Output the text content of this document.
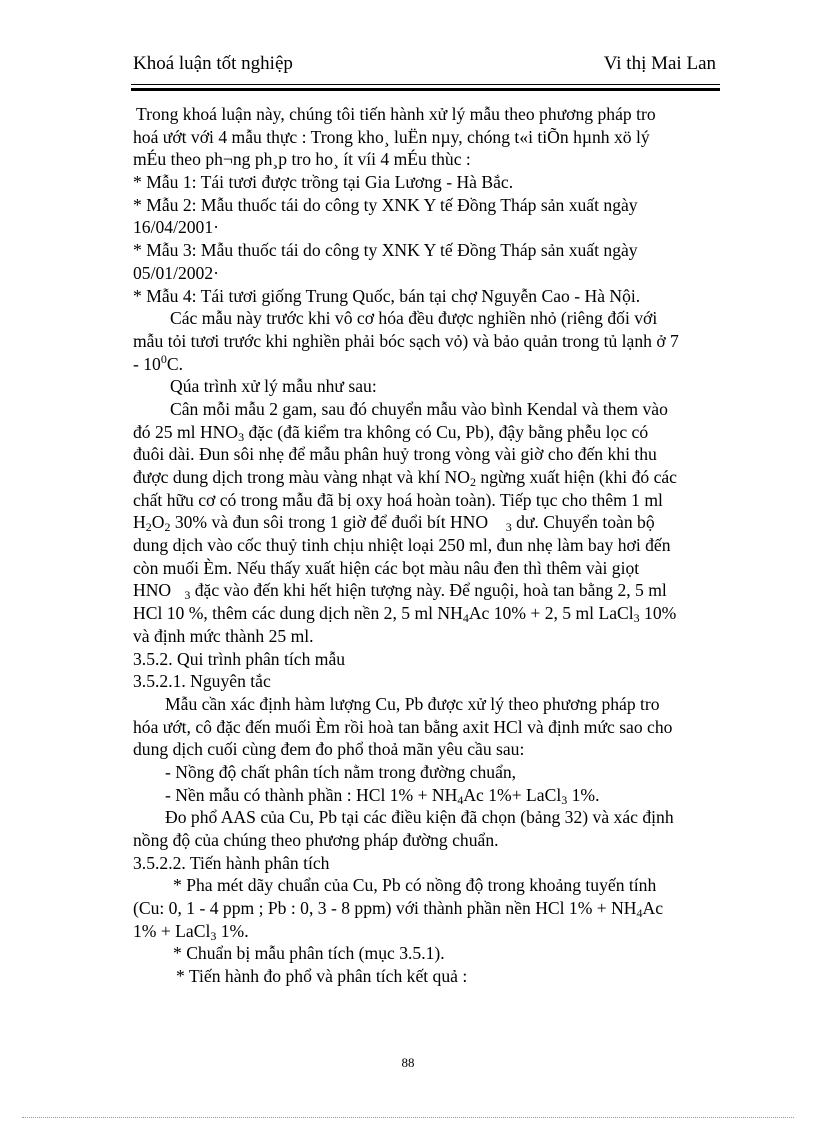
Khoá luận tốt nghiệp	Vi thị Mai Lan
Trong khoá luận này, chúng tôi tiến hành xử lý mẫu theo phương pháp tro
hoá ướt với 4 mẫu thực : Trong kho¸ luËn nµy, chóng t«i tiÕn hµnh xö lý
mÉu theo ph¬ng ph¸p tro ho¸ ít víi 4 mÉu thùc :
* Mẫu 1: Tái tươi được trồng tại Gia Lương - Hà Bắc.
* Mẫu 2: Mẫu thuốc tái do công ty XNK Y tế Đồng Tháp sản xuất ngày
16/04/2001·
* Mẫu 3: Mẫu thuốc tái do công ty XNK Y tế Đồng Tháp sản xuất ngày
05/01/2002·
* Mẫu 4: Tái tươi giống Trung Quốc, bán tại chợ Nguyễn Cao - Hà Nội.
Các mẫu này trước khi vô cơ hóa đều được nghiền nhỏ (riêng đối với
mẫu tỏi tươi trước khi nghiền phải bóc sạch vỏ) và bảo quản trong tủ lạnh ở 7
- $10^0C$.
Qúa trình xử lý mẫu như sau:
Cân mỗi mẫu 2 gam, sau đó chuyển mẫu vào bình Kendal và them vào
đó 25 ml $HNO_3$ đặc (đã kiểm tra không có Cu, Pb), đậy bằng phễu lọc có
đuôi dài. Đun sôi nhẹ để mẫu phân huỷ trong vòng vài giờ cho đến khi thu
được dung dịch trong màu vàng nhạt và khí $NO_2$ ngừng xuất hiện (khi đó các
chất hữu cơ có trong mẫu đã bị oxy hoá hoàn toàn). Tiếp tục cho thêm 1 ml
$H_2O_2$ 30% và đun sôi trong 1 giờ để đuổi bít HNO $_3$ dư. Chuyển toàn bộ
dung dịch vào cốc thuỷ tinh chịu nhiệt loại 250 ml, đun nhẹ làm bay hơi đến
còn muối Èm. Nếu thấy xuất hiện các bọt màu nâu đen thì thêm vài giọt
HNO $_3$ đặc vào đến khi hết hiện tượng này. Để nguội, hoà tan bằng 2, 5 ml
HCl 10 %, thêm các dung dịch nền 2, 5 ml $NH_4Ac$ 10% + 2, 5 ml LaCl$_3$ 10%
và định mức thành 25 ml.
3.5.2. Qui trình phân tích mẫu
3.5.2.1. Nguyên tắc
Mẫu cần xác định hàm lượng Cu, Pb được xử lý theo phương pháp tro
hóa ướt, cô đặc đến muối Èm rồi hoà tan bằng axit HCl và định mức sao cho
dung dịch cuối cùng đem đo phổ thoả mãn yêu cầu sau:
- Nồng độ chất phân tích nằm trong đường chuẩn,
- Nền mẫu có thành phần : HCl $1\% + NH_4Ac$ 1%+ LaCl$_3$ 1%.
Đo phổ AAS của Cu, Pb tại các điều kiện đã chọn (bảng 32) và xác định
nồng độ của chúng theo phương pháp đường chuẩn.
3.5.2.2. Tiến hành phân tích
* Pha mét dãy chuẩn của Cu, Pb có nồng độ trong khoảng tuyến tính
(Cu: 0, 1 - 4 ppm ; Pb : 0, 3 - 8 ppm) với thành phần nền HCl $1\% + NH_4Ac$
1% + LaCl$_3$ 1%.
* Chuẩn bị mẫu phân tích (mục 3.5.1).
* Tiến hành đo phổ và phân tích kết quả :
88
